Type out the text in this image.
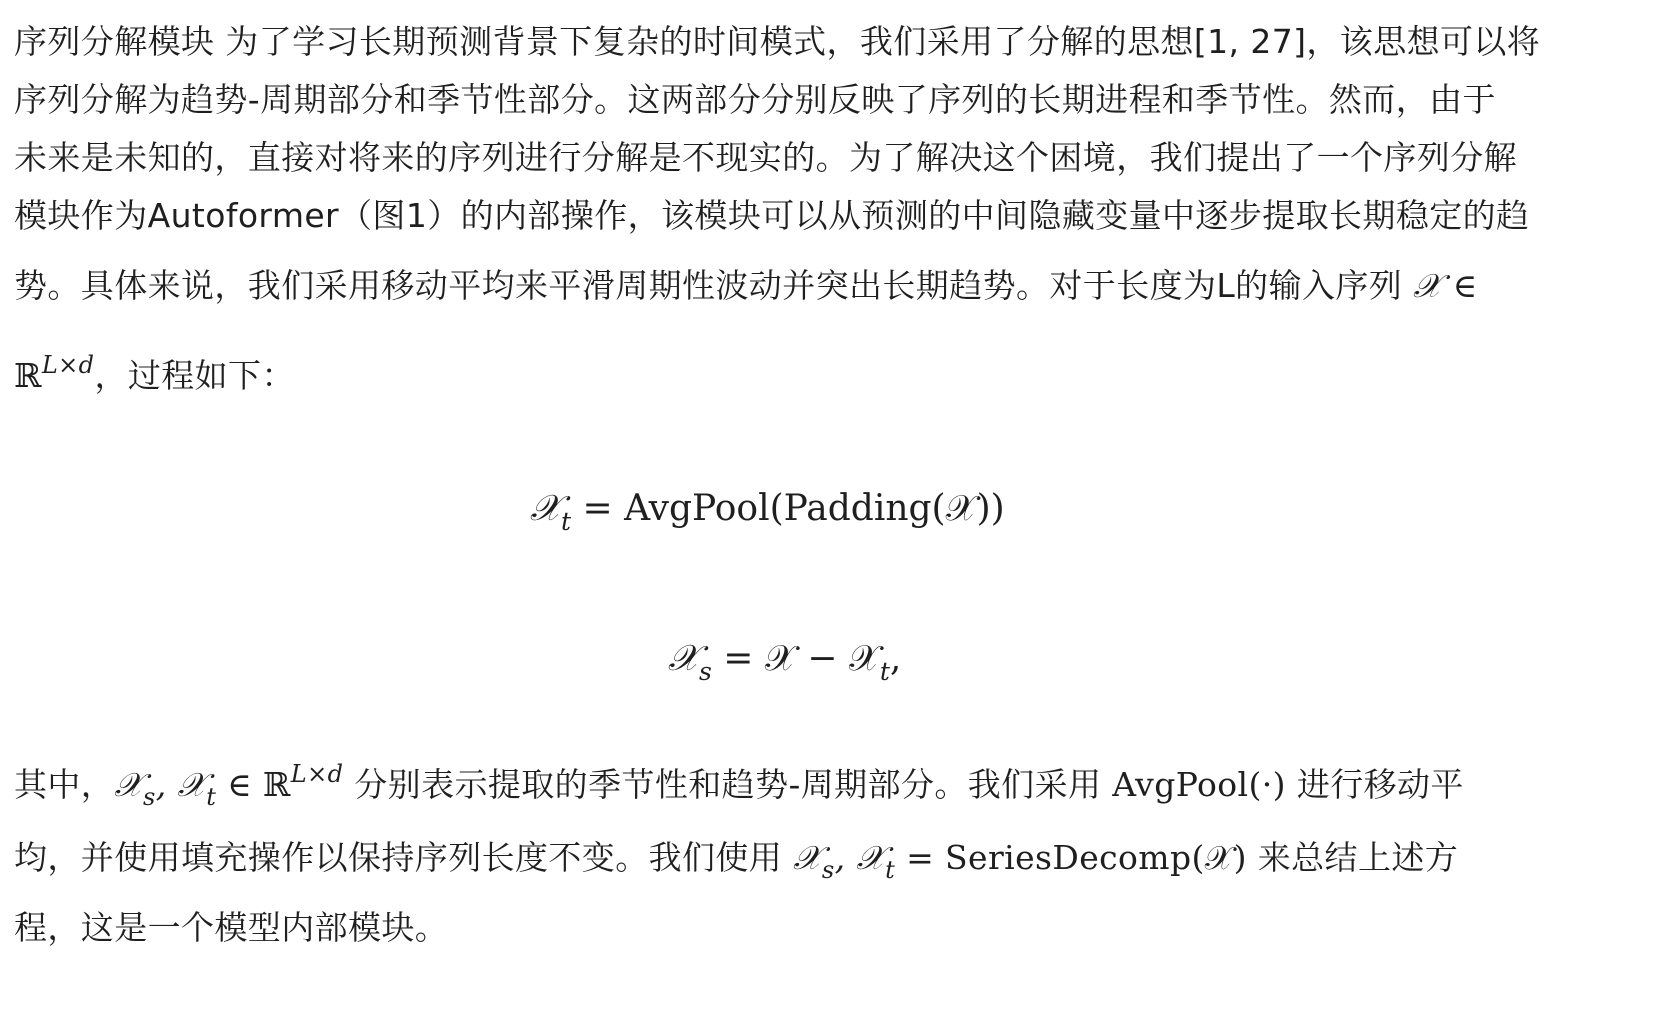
序列分解模块 为了学习长期预测背景下复杂的时间模式，我们采用了分解的思想[1, 27]，该思想可以将
序列分解为趋势-周期部分和季节性部分。这两部分分别反映了序列的长期进程和季节性。然而，由于
未来是未知的，直接对将来的序列进行分解是不现实的。为了解决这个困境，我们提出了一个序列分解
模块作为Autoformer（图1）的内部操作，该模块可以从预测的中间隐藏变量中逐步提取长期稳定的趋
势。具体来说，我们采用移动平均来平滑周期性波动并突出长期趋势。对于长度为L的输入序列 𝒳 ∈
ℝ$^{L\times d}$，过程如下：
𝒳$_t$ = AvgPool(Padding(𝒳))
𝒳$_s$ = 𝒳 − 𝒳$_t$,
其中，𝒳$_s$, 𝒳$_t$ ∈ ℝ$^{L\times d}$ 分别表示提取的季节性和趋势-周期部分。我们采用 AvgPool(·) 进行移动平
均，并使用填充操作以保持序列长度不变。我们使用 𝒳$_s$, 𝒳$_t$ = SeriesDecomp(𝒳) 来总结上述方
程，这是一个模型内部模块。
